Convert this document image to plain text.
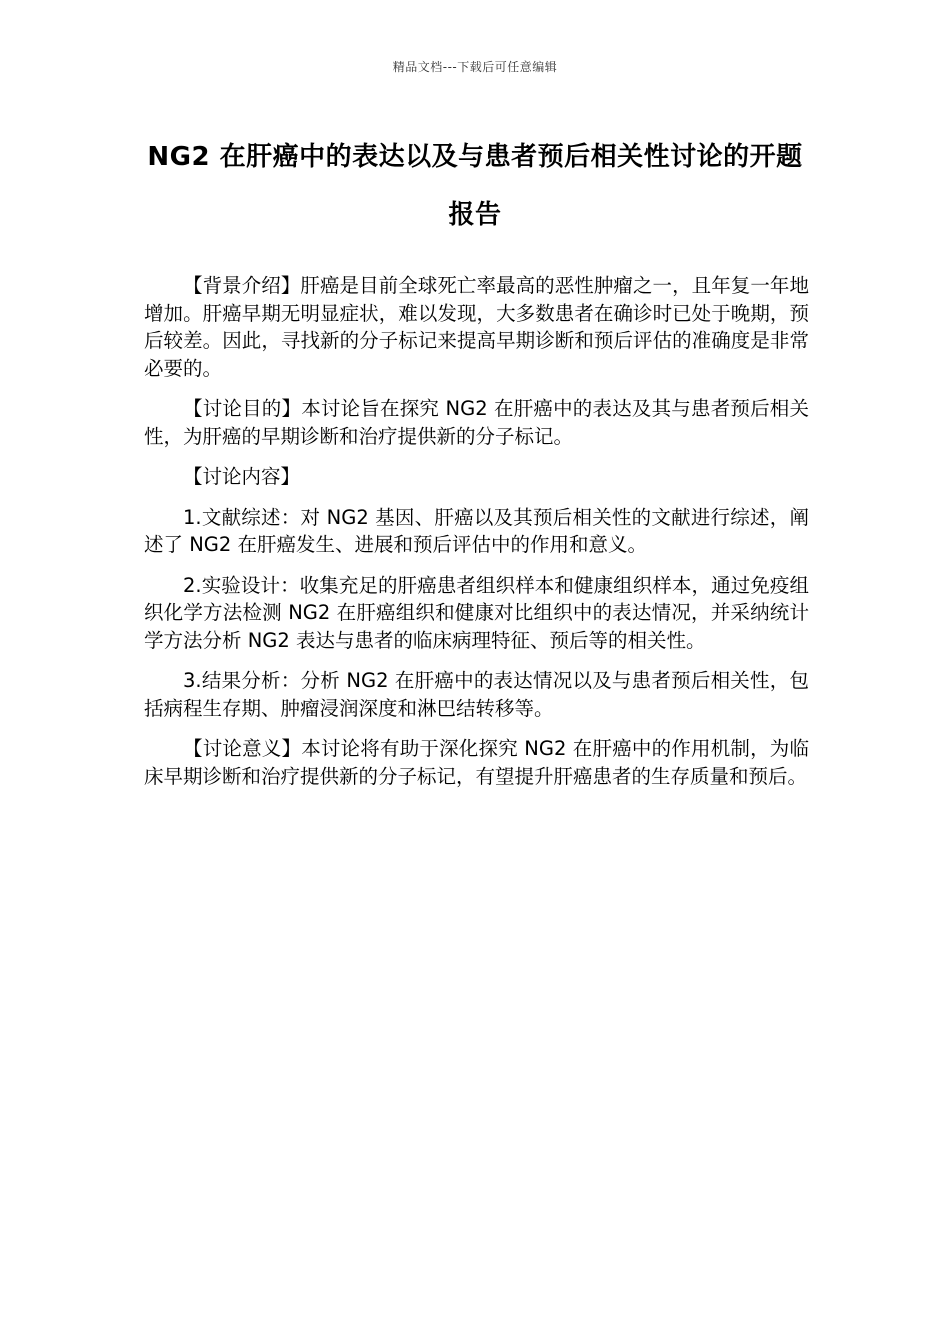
精品文档---下载后可任意编辑
NG2 在肝癌中的表达以及与患者预后相关性讨论的开题报告

【背景介绍】肝癌是目前全球死亡率最高的恶性肿瘤之一，且年复一年地增加。肝癌早期无明显症状，难以发现，大多数患者在确诊时已处于晚期，预后较差。因此，寻找新的分子标记来提高早期诊断和预后评估的准确度是非常必要的。

【讨论目的】本讨论旨在探究 NG2 在肝癌中的表达及其与患者预后相关性，为肝癌的早期诊断和治疗提供新的分子标记。

【讨论内容】

1.文献综述：对 NG2 基因、肝癌以及其预后相关性的文献进行综述，阐述了 NG2 在肝癌发生、进展和预后评估中的作用和意义。

2.实验设计：收集充足的肝癌患者组织样本和健康组织样本，通过免疫组织化学方法检测 NG2 在肝癌组织和健康对比组织中的表达情况，并采纳统计学方法分析 NG2 表达与患者的临床病理特征、预后等的相关性。

3.结果分析：分析 NG2 在肝癌中的表达情况以及与患者预后相关性，包括病程生存期、肿瘤浸润深度和淋巴结转移等。

【讨论意义】本讨论将有助于深化探究 NG2 在肝癌中的作用机制，为临床早期诊断和治疗提供新的分子标记，有望提升肝癌患者的生存质量和预后。
